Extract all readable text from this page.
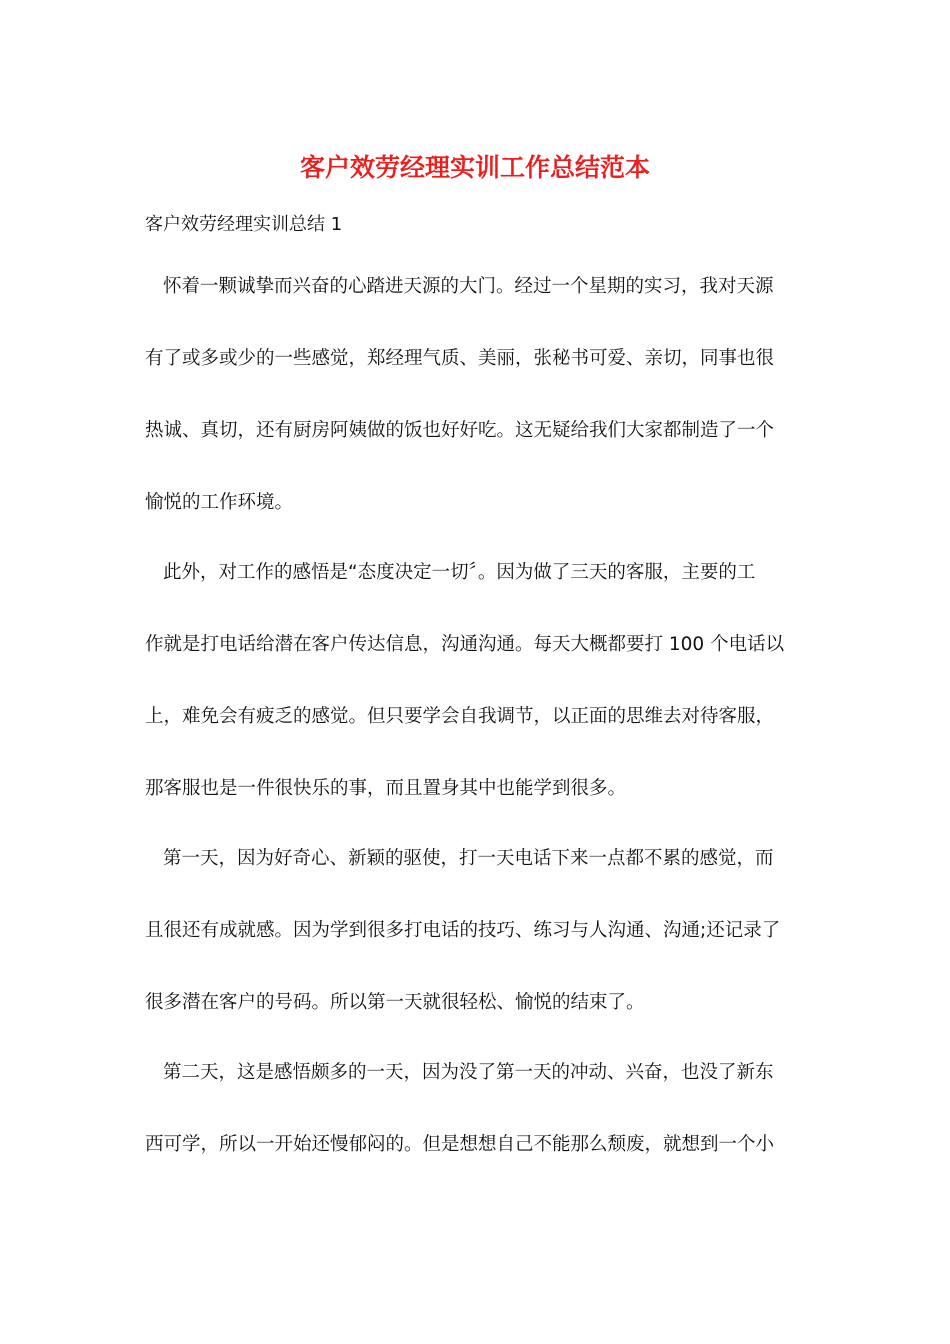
客户效劳经理实训工作总结范本
客户效劳经理实训总结 1
怀着一颗诚挚而兴奋的心踏进天源的大门。经过一个星期的实习，我对天源
有了或多或少的一些感觉，郑经理气质、美丽，张秘书可爱、亲切，同事也很
热诚、真切，还有厨房阿姨做的饭也好好吃。这无疑给我们大家都制造了一个
愉悦的工作环境。
此外，对工作的感悟是“态度决定一切〞。因为做了三天的客服，主要的工
作就是打电话给潜在客户传达信息，沟通沟通。每天大概都要打 100 个电话以
上，难免会有疲乏的感觉。但只要学会自我调节，以正面的思维去对待客服，
那客服也是一件很快乐的事，而且置身其中也能学到很多。
第一天，因为好奇心、新颖的驱使，打一天电话下来一点都不累的感觉，而
且很还有成就感。因为学到很多打电话的技巧、练习与人沟通、沟通;还记录了
很多潜在客户的号码。所以第一天就很轻松、愉悦的结束了。
第二天，这是感悟颇多的一天，因为没了第一天的冲动、兴奋，也没了新东
西可学，所以一开始还慢郁闷的。但是想想自己不能那么颓废，就想到一个小
